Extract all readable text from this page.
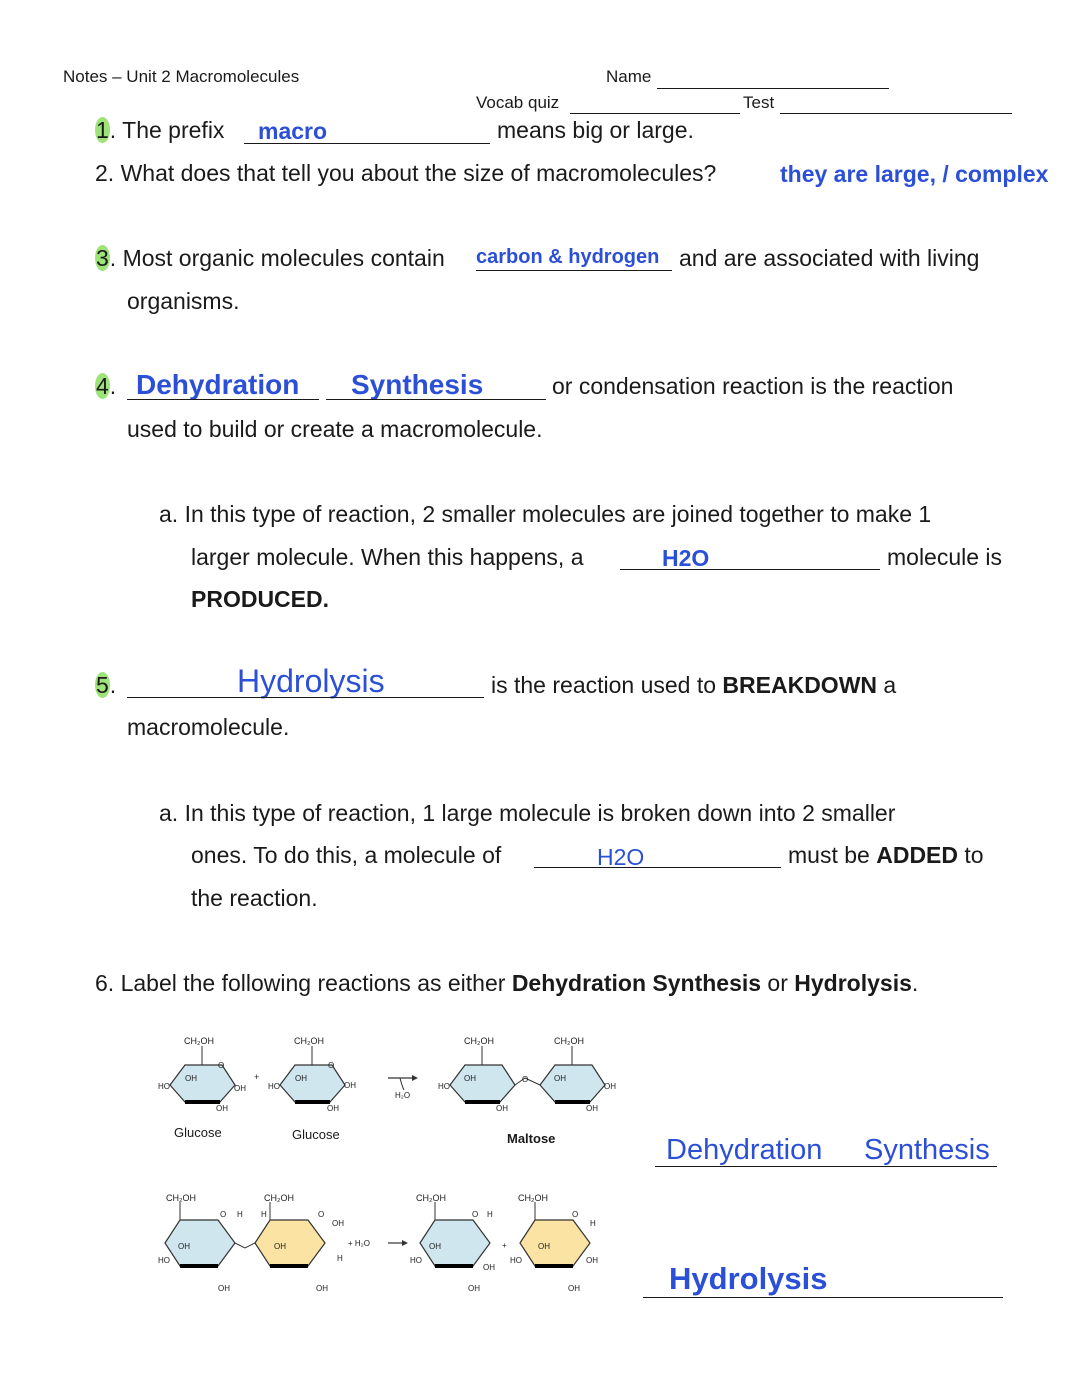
Notes – Unit 2 Macromolecules	Name
Vocab quiz	Test
1. The prefix macro	means big or large.
2. What does that tell you about the size of macromolecules?	they are large, / complex
3. Most organic molecules contain carbon & hydrogen and are associated with living
organisms.
4. Dehydration Synthesis	or condensation reaction is the reaction
used to build or create a macromolecule.
a. In this type of reaction, 2 smaller molecules are joined together to make 1
larger molecule. When this happens, a	H2O	molecule is
PRODUCED.
5.	Hydrolysis	is the reaction used to BREAKDOWN a
macromolecule.
a. In this type of reaction, 1 large molecule is broken down into 2 smaller
ones. To do this, a molecule of	H2O	must be ADDED to
the reaction.
6. Label the following reactions as either Dehydration Synthesis or Hydrolysis.
CH₂OH
O
OH
HO	OH
OH
+
CH₂OH
O
OH
HO	OH
OH
H₂O
CH₂OH	CH₂OH
O
OH	OH
HO	OH
OH	OH
Glucose	Glucose	Maltose	Dehydration Synthesis
CH₂OH	CH₂OH
O H H	O
OH
OH	OH
HO	H
OH	OH
+ H₂O
CH₂OH	CH₂OH
O H	O
H
OH	OH
+
HO
OH
HO	OH
OH	OH	Hydrolysis
